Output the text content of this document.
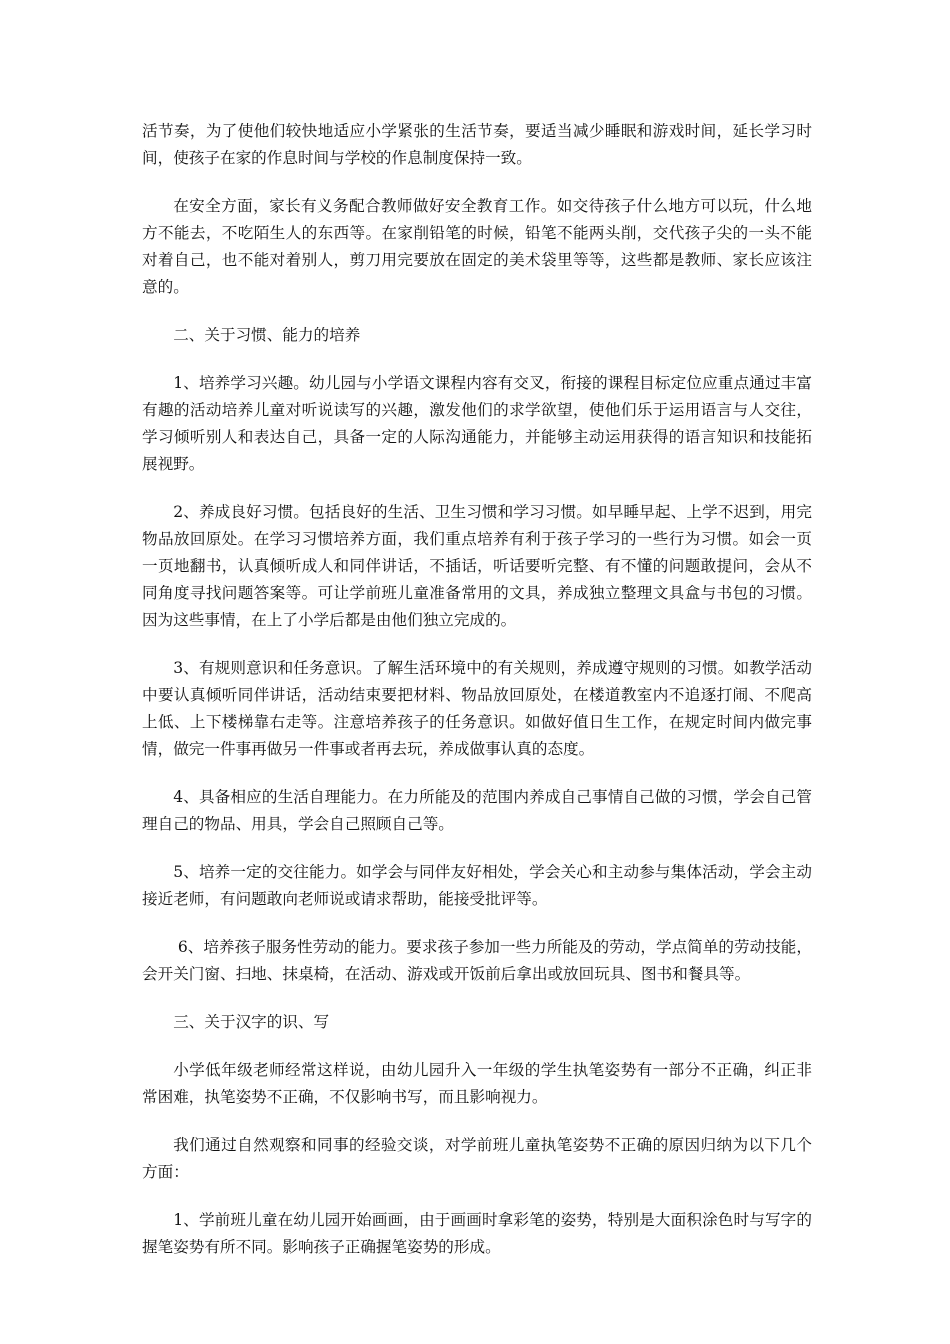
活节奏，为了使他们较快地适应小学紧张的生活节奏，要适当减少睡眠和游戏时间，延长学习时间，使孩子在家的作息时间与学校的作息制度保持一致。

在安全方面，家长有义务配合教师做好安全教育工作。如交待孩子什么地方可以玩，什么地方不能去，不吃陌生人的东西等。在家削铅笔的时候，铅笔不能两头削，交代孩子尖的一头不能对着自己，也不能对着别人，剪刀用完要放在固定的美术袋里等等，这些都是教师、家长应该注意的。

二、关于习惯、能力的培养

1、培养学习兴趣。幼儿园与小学语文课程内容有交叉，衔接的课程目标定位应重点通过丰富有趣的活动培养儿童对听说读写的兴趣，激发他们的求学欲望，使他们乐于运用语言与人交往，学习倾听别人和表达自己，具备一定的人际沟通能力，并能够主动运用获得的语言知识和技能拓展视野。

2、养成良好习惯。包括良好的生活、卫生习惯和学习习惯。如早睡早起、上学不迟到，用完物品放回原处。在学习习惯培养方面，我们重点培养有利于孩子学习的一些行为习惯。如会一页一页地翻书，认真倾听成人和同伴讲话，不插话，听话要听完整、有不懂的问题敢提问，会从不同角度寻找问题答案等。可让学前班儿童准备常用的文具，养成独立整理文具盒与书包的习惯。因为这些事情，在上了小学后都是由他们独立完成的。

3、有规则意识和任务意识。了解生活环境中的有关规则，养成遵守规则的习惯。如教学活动中要认真倾听同伴讲话，活动结束要把材料、物品放回原处，在楼道教室内不追逐打闹、不爬高上低、上下楼梯靠右走等。注意培养孩子的任务意识。如做好值日生工作，在规定时间内做完事情，做完一件事再做另一件事或者再去玩，养成做事认真的态度。

4、具备相应的生活自理能力。在力所能及的范围内养成自己事情自己做的习惯，学会自己管理自己的物品、用具，学会自己照顾自己等。

5、培养一定的交往能力。如学会与同伴友好相处，学会关心和主动参与集体活动，学会主动接近老师，有问题敢向老师说或请求帮助，能接受批评等。

6、培养孩子服务性劳动的能力。要求孩子参加一些力所能及的劳动，学点简单的劳动技能，会开关门窗、扫地、抹桌椅，在活动、游戏或开饭前后拿出或放回玩具、图书和餐具等。

三、关于汉字的识、写

小学低年级老师经常这样说，由幼儿园升入一年级的学生执笔姿势有一部分不正确，纠正非常困难，执笔姿势不正确，不仅影响书写，而且影响视力。

我们通过自然观察和同事的经验交谈，对学前班儿童执笔姿势不正确的原因归纳为以下几个方面：

1、学前班儿童在幼儿园开始画画，由于画画时拿彩笔的姿势，特别是大面积涂色时与写字的握笔姿势有所不同。影响孩子正确握笔姿势的形成。
